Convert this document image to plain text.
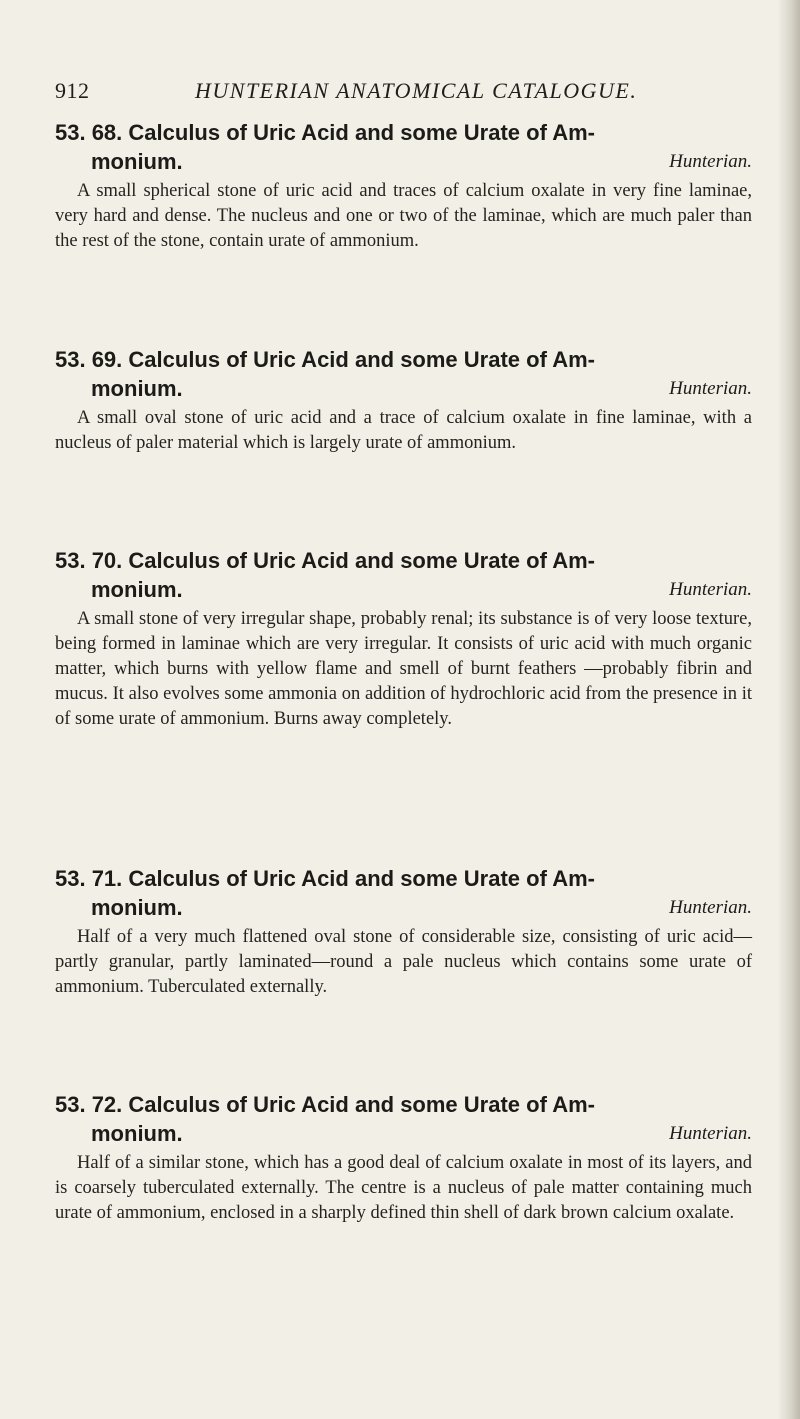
912	HUNTERIAN ANATOMICAL CATALOGUE.
53. 68. Calculus of Uric Acid and some Urate of Am-
monium.	Hunterian.
A small spherical stone of uric acid and traces of calcium oxalate in very fine laminae, very hard and dense. The nucleus and one or two of the laminae, which are much paler than the rest of the stone, contain urate of ammonium.
53. 69. Calculus of Uric Acid and some Urate of Am-
monium.	Hunterian.
A small oval stone of uric acid and a trace of calcium oxalate in fine laminae, with a nucleus of paler material which is largely urate of ammonium.
53. 70. Calculus of Uric Acid and some Urate of Am-
monium.	Hunterian.
A small stone of very irregular shape, probably renal; its substance is of very loose texture, being formed in laminae which are very irregular. It consists of uric acid with much organic matter, which burns with yellow flame and smell of burnt feathers —probably fibrin and mucus. It also evolves some ammonia on addition of hydrochloric acid from the presence in it of some urate of ammonium. Burns away completely.
53. 71. Calculus of Uric Acid and some Urate of Am-
monium.	Hunterian.
Half of a very much flattened oval stone of considerable size, consisting of uric acid—partly granular, partly laminated—round a pale nucleus which contains some urate of ammonium. Tuberculated externally.
53. 72. Calculus of Uric Acid and some Urate of Am-
monium.	Hunterian.
Half of a similar stone, which has a good deal of calcium oxalate in most of its layers, and is coarsely tuberculated externally. The centre is a nucleus of pale matter containing much urate of ammonium, enclosed in a sharply defined thin shell of dark brown calcium oxalate.
